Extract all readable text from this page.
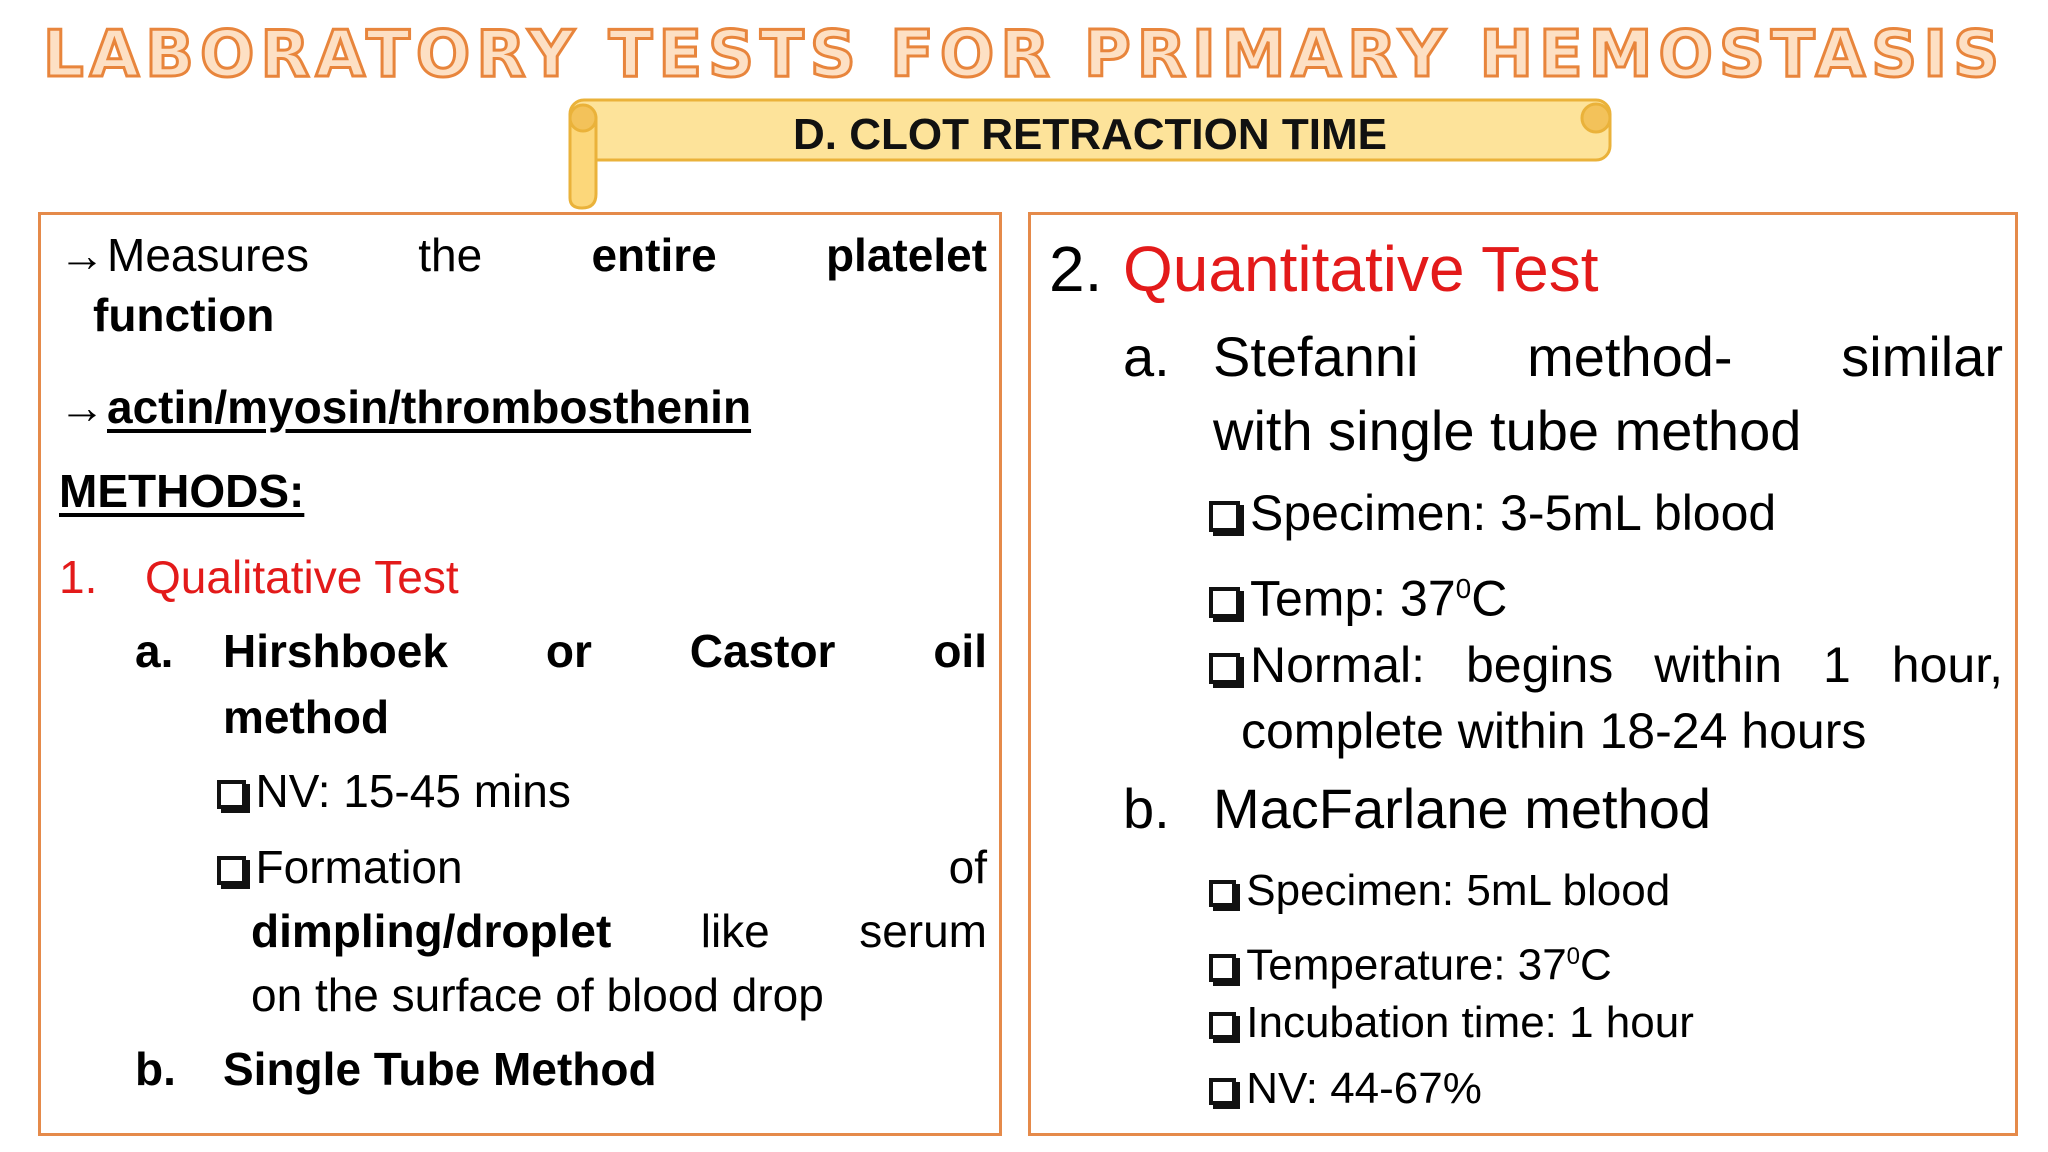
LABORATORY TESTS FOR PRIMARY HEMOSTASIS
D. CLOT RETRACTION TIME
→Measures the entire platelet
function
→actin/myosin/thrombosthenin
METHODS:
1. Qualitative Test
a. Hirshboek or Castor oil
method
NV: 15-45 mins
Formation of
dimpling/droplet like serum
on the surface of blood drop
b. Single Tube Method
2. Quantitative Test
a. Stefanni method- similar
with single tube method
Specimen: 3-5mL blood
Temp: $37^0C$
Normal: begins within 1 hour,
complete within 18-24 hours
b. MacFarlane method
Specimen: 5mL blood
Temperature: $37^0C$
Incubation time: 1 hour
NV: 44-67%
